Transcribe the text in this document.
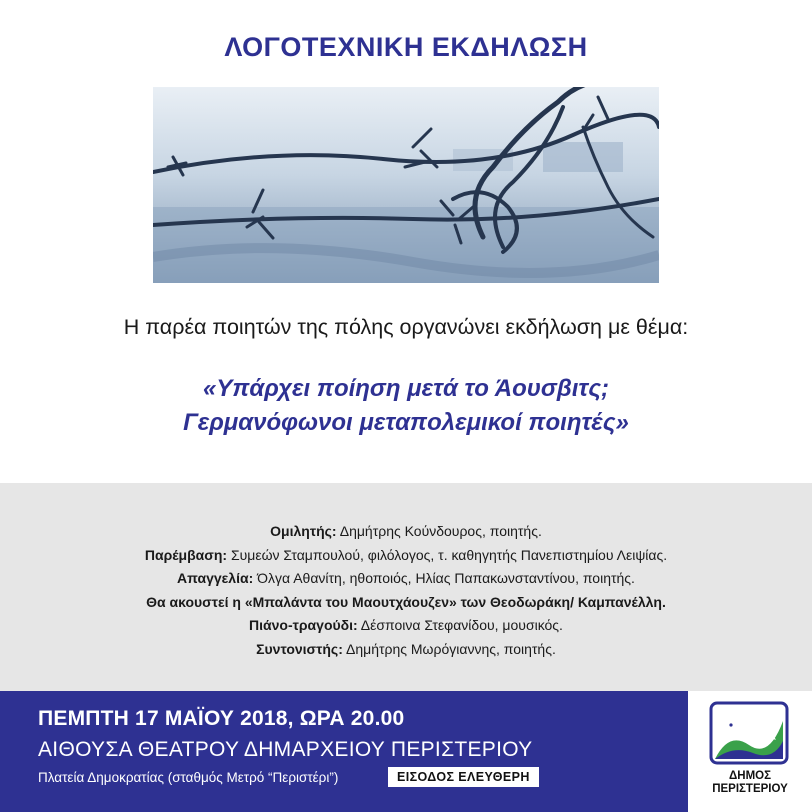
ΛΟΓΟΤΕΧΝΙΚΗ ΕΚΔΗΛΩΣΗ
Η παρέα ποιητών της πόλης οργανώνει εκδήλωση με θέμα:
«Υπάρχει ποίηση μετά το Άουσβιτς;
Γερμανόφωνοι μεταπολεμικοί ποιητές»
Ομιλητής: Δημήτρης Κούνδουρος, ποιητής.
Παρέμβαση: Συμεών Σταμπουλού, φιλόλογος, τ. καθηγητής Πανεπιστημίου Λειψίας.
Απαγγελία: Όλγα Αθανίτη, ηθοποιός, Ηλίας Παπακωνσταντίνου, ποιητής.
Θα ακουστεί η «Μπαλάντα του Μαουτχάουζεν» των Θεοδωράκη/ Καμπανέλλη.
Πιάνο-τραγούδι: Δέσποινα Στεφανίδου, μουσικός.
Συντονιστής: Δημήτρης Μωρόγιαννης, ποιητής.
ΠΕΜΠΤΗ 17 ΜΑΪΟΥ 2018, ΩΡΑ 20.00
ΑΙΘΟΥΣΑ ΘΕΑΤΡΟΥ ΔΗΜΑΡΧΕΙΟΥ ΠΕΡΙΣΤΕΡΙΟΥ
Πλατεία Δημοκρατίας (σταθμός Μετρό “Περιστέρι”)	ΕΙΣΟΔΟΣ ΕΛΕΥΘΕΡΗ	ΔΗΜΟΣ
ΠΕΡΙΣΤΕΡΙΟΥ
